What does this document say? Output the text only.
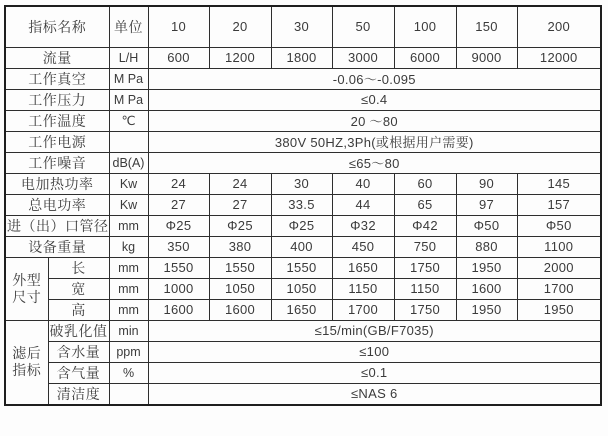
指标名称		单位	10	20	30	50	100	150	200
流量		L/H	600	1200	1800	3000	6000	9000	12000
工作真空		M Pa	-0.06～-0.095						
工作压力		M Pa	≤0.4						
工作温度		℃	20 ～80						
工作电源			380V 50HZ,3Ph(或根据用户需要)						
工作噪音		dB(A)	≤65～80						
电加热功率		Kw	24	24	30	40	60	90	145
总电功率		Kw	27	27	33.5	44	65	97	157
进（出）口管径		mm	Φ25	Φ25	Φ25	Φ32	Φ42	Φ50	Φ50
设备重量		kg	350	380	400	450	750	880	1100
外型尺寸	长	mm	1550	1550	1550	1650	1750	1950	2000
	宽	mm	1000	1050	1050	1150	1150	1600	1700
	高	mm	1600	1600	1650	1700	1750	1950	1950
滤后指标	破乳化值	min	≤15/min(GB/F7035)						
	含水量	ppm	≤100						
	含气量	%	≤0.1						
	清洁度		≤NAS 6						
